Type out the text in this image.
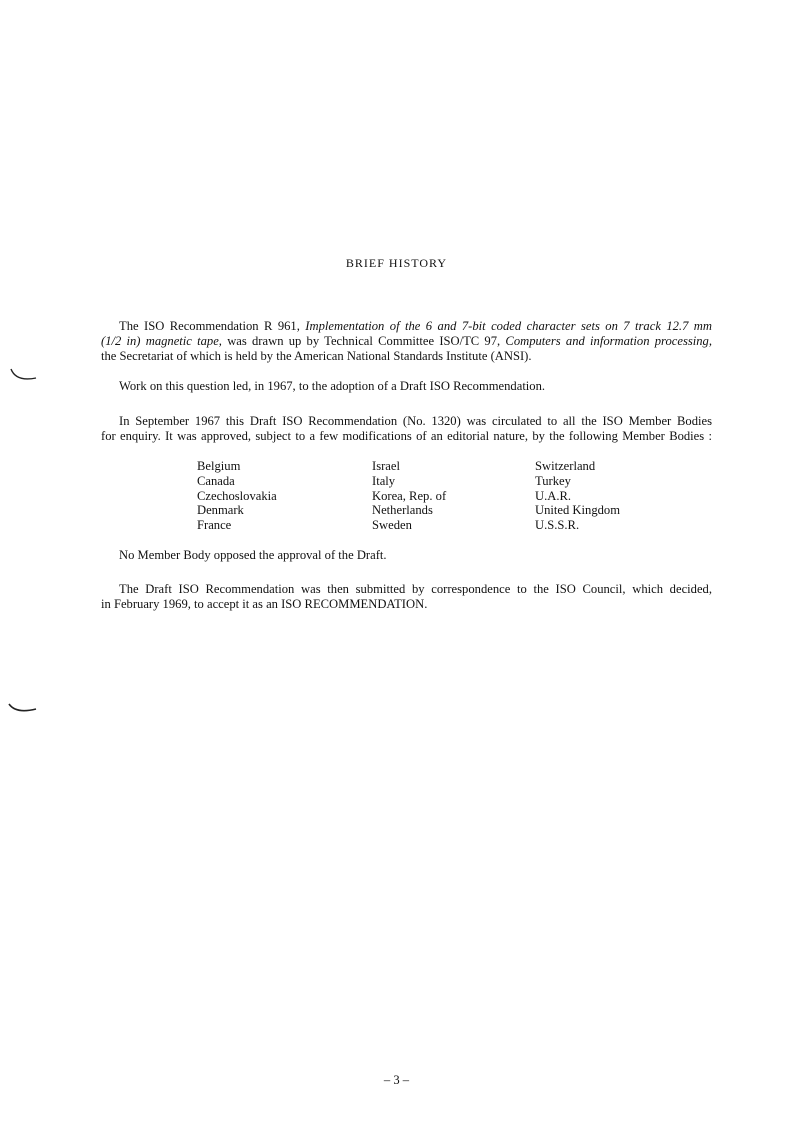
BRIEF HISTORY
The ISO Recommendation R 961, Implementation of the 6 and 7-bit coded character sets on 7 track 12.7 mm
(1/2 in) magnetic tape, was drawn up by Technical Committee ISO/TC 97, Computers and information processing,
the Secretariat of which is held by the American National Standards Institute (ANSI).
Work on this question led, in 1967, to the adoption of a Draft ISO Recommendation.
In September 1967 this Draft ISO Recommendation (No. 1320) was circulated to all the ISO Member Bodies
for enquiry. It was approved, subject to a few modifications of an editorial nature, by the following Member Bodies :
Belgium
Canada
Czechoslovakia
Denmark
France
Israel
Italy
Korea, Rep. of
Netherlands
Sweden
Switzerland
Turkey
U.A.R.
United Kingdom
U.S.S.R.
No Member Body opposed the approval of the Draft.
The Draft ISO Recommendation was then submitted by correspondence to the ISO Council, which decided,
in February 1969, to accept it as an ISO RECOMMENDATION.
– 3 –
